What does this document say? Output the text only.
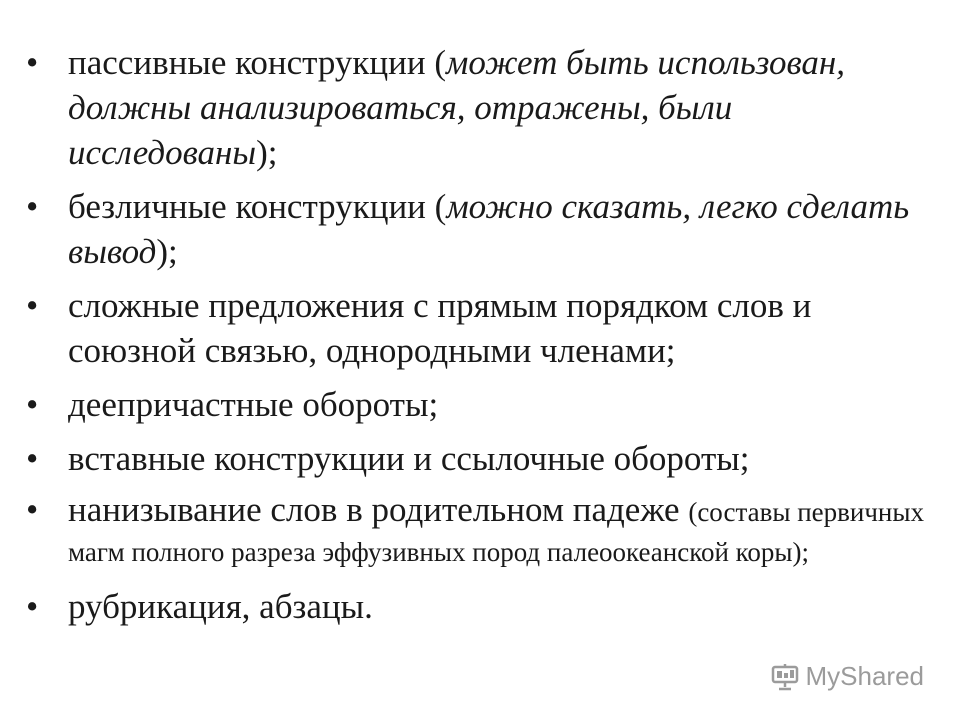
• пассивные конструкции (может быть использован, должны анализироваться, отражены, были исследованы);
• безличные конструкции (можно сказать, легко сделать вывод);
• сложные предложения с прямым порядком слов и союзной связью, однородными членами;
• деепричастные обороты;
• вставные конструкции и ссылочные обороты;
• нанизывание слов в родительном падеже (составы первичных магм полного разреза эффузивных пород палеоокеанской коры);
• рубрикация, абзацы.
MyShared
